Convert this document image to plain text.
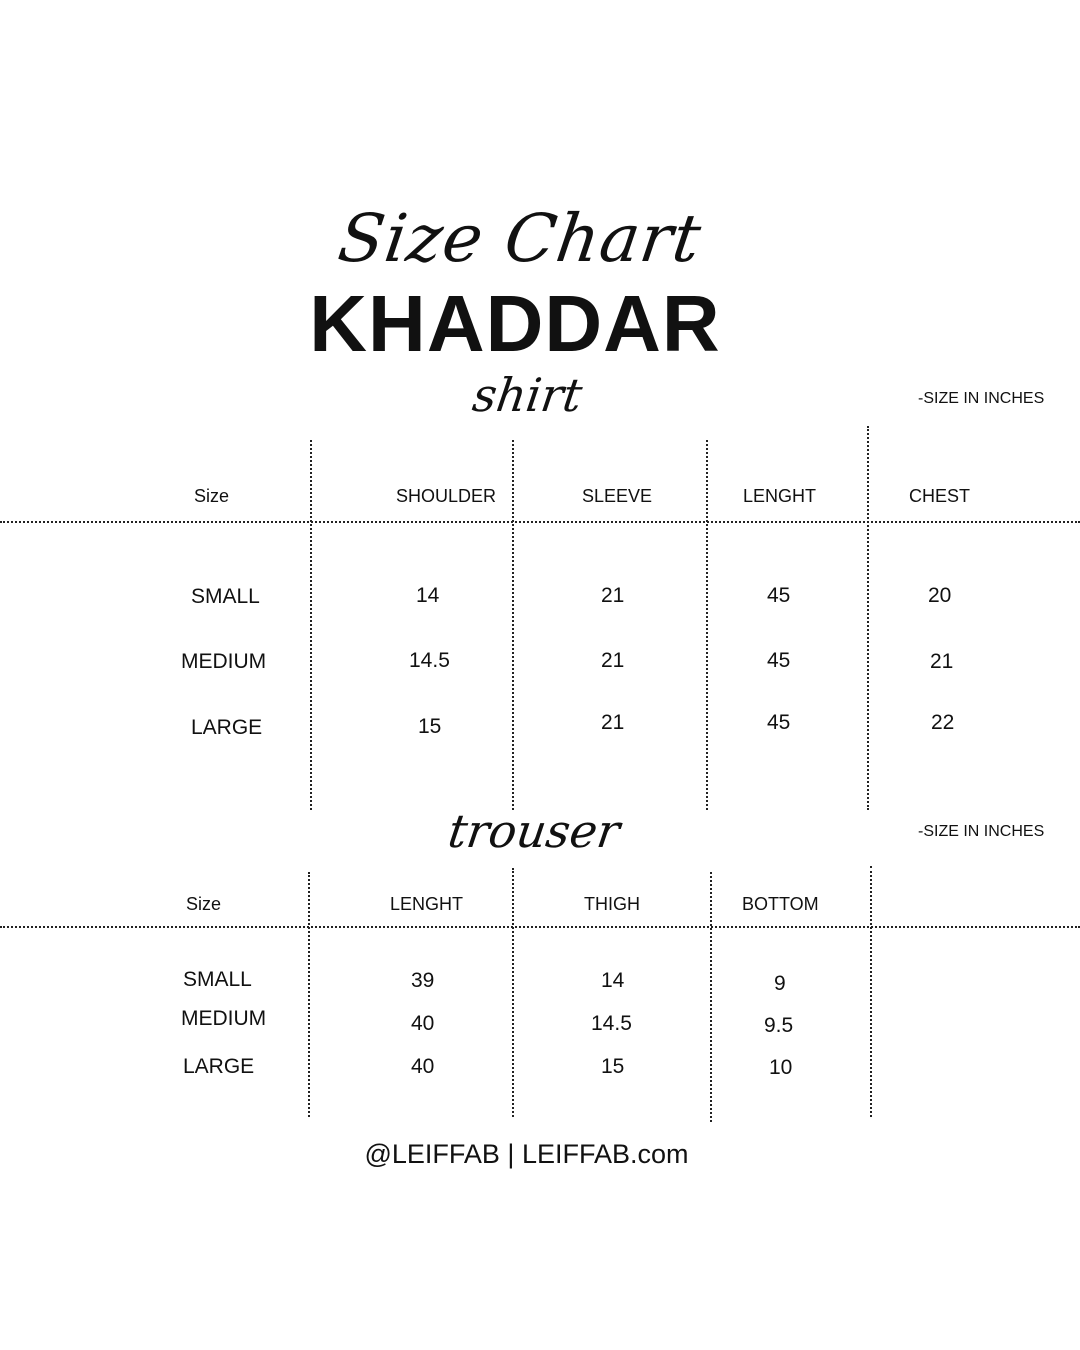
Size Chart
KHADDAR
shirt	-SIZE IN INCHES
Size	SHOULDER	SLEEVE	LENGHT	CHEST
SMALL	14	21	45	20
MEDIUM	14.5	21	45	21
LARGE	15	21	45	22
trouser	-SIZE IN INCHES
Size	LENGHT	THIGH	BOTTOM
SMALL	39	14	9
MEDIUM	40	14.5	9.5
LARGE	40	15	10
@LEIFFAB | LEIFFAB.com
